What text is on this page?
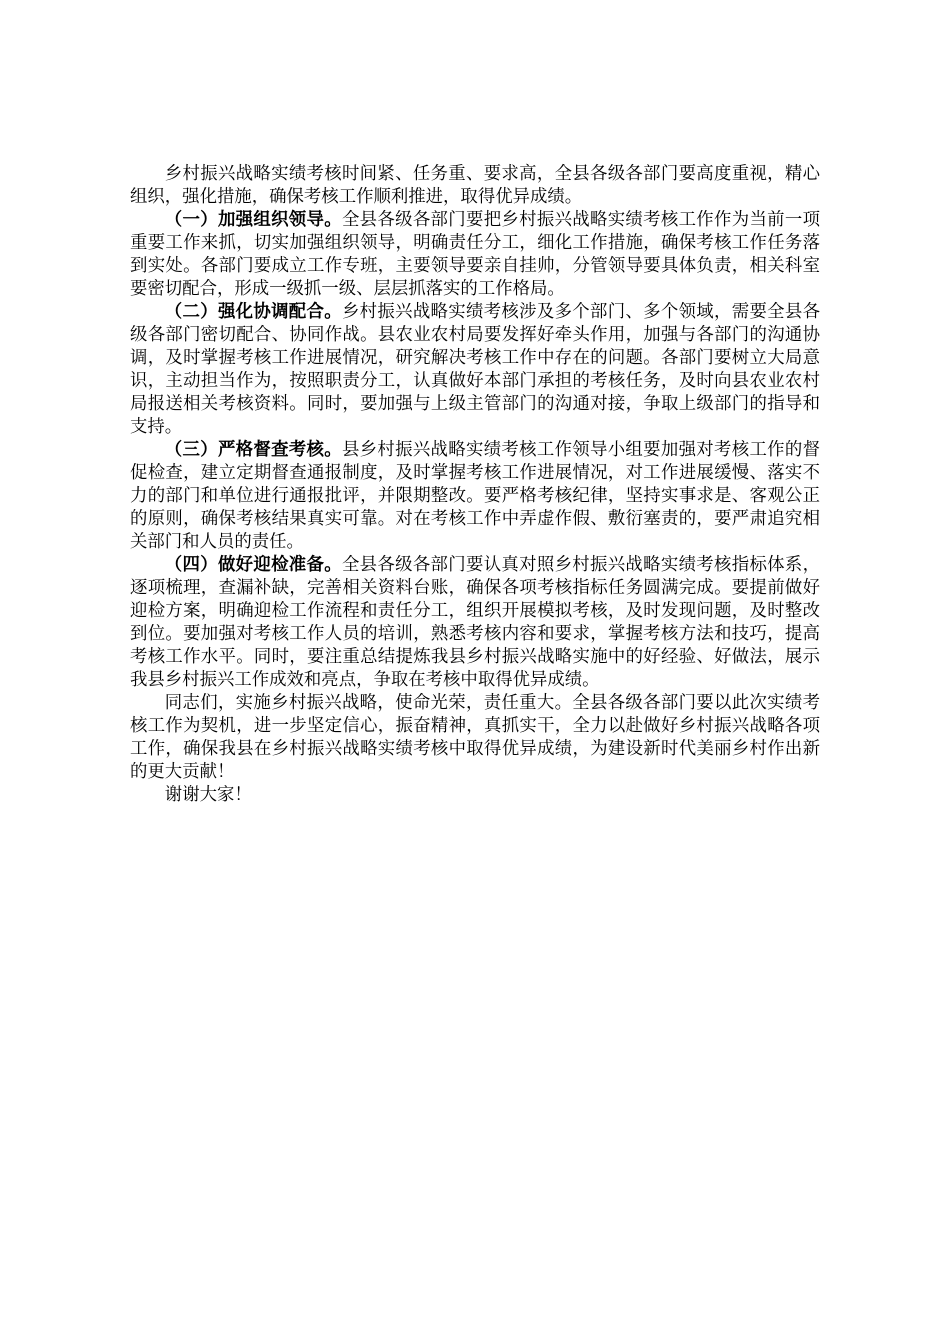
乡村振兴战略实绩考核时间紧、任务重、要求高，全县各级各部门要高度重视，精心组织，强化措施，确保考核工作顺利推进，取得优异成绩。

（一）加强组织领导。全县各级各部门要把乡村振兴战略实绩考核工作作为当前一项重要工作来抓，切实加强组织领导，明确责任分工，细化工作措施，确保考核工作任务落到实处。各部门要成立工作专班，主要领导要亲自挂帅，分管领导要具体负责，相关科室要密切配合，形成一级抓一级、层层抓落实的工作格局。

（二）强化协调配合。乡村振兴战略实绩考核涉及多个部门、多个领域，需要全县各级各部门密切配合、协同作战。县农业农村局要发挥好牵头作用，加强与各部门的沟通协调，及时掌握考核工作进展情况，研究解决考核工作中存在的问题。各部门要树立大局意识，主动担当作为，按照职责分工，认真做好本部门承担的考核任务，及时向县农业农村局报送相关考核资料。同时，要加强与上级主管部门的沟通对接，争取上级部门的指导和支持。

（三）严格督查考核。县乡村振兴战略实绩考核工作领导小组要加强对考核工作的督促检查，建立定期督查通报制度，及时掌握考核工作进展情况，对工作进展缓慢、落实不力的部门和单位进行通报批评，并限期整改。要严格考核纪律，坚持实事求是、客观公正的原则，确保考核结果真实可靠。对在考核工作中弄虚作假、敷衍塞责的，要严肃追究相关部门和人员的责任。

（四）做好迎检准备。全县各级各部门要认真对照乡村振兴战略实绩考核指标体系，逐项梳理，查漏补缺，完善相关资料台账，确保各项考核指标任务圆满完成。要提前做好迎检方案，明确迎检工作流程和责任分工，组织开展模拟考核，及时发现问题，及时整改到位。要加强对考核工作人员的培训，熟悉考核内容和要求，掌握考核方法和技巧，提高考核工作水平。同时，要注重总结提炼我县乡村振兴战略实施中的好经验、好做法，展示我县乡村振兴工作成效和亮点，争取在考核中取得优异成绩。

同志们，实施乡村振兴战略，使命光荣，责任重大。全县各级各部门要以此次实绩考核工作为契机，进一步坚定信心，振奋精神，真抓实干，全力以赴做好乡村振兴战略各项工作，确保我县在乡村振兴战略实绩考核中取得优异成绩，为建设新时代美丽乡村作出新的更大贡献！

谢谢大家！
